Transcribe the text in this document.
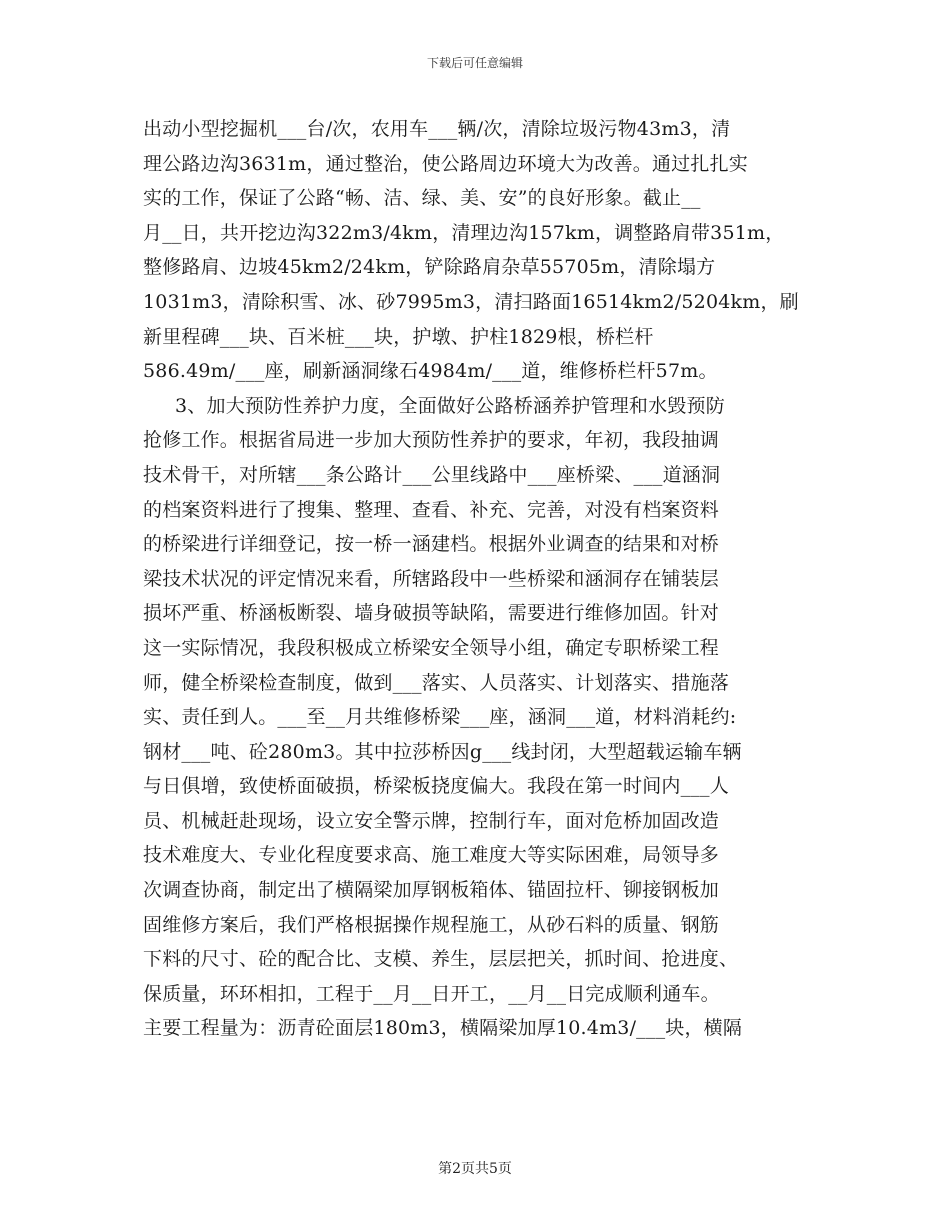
下载后可任意编辑
出动小型挖掘机___台/次，农用车___辆/次，清除垃圾污物43m3，清
理公路边沟3631m，通过整治，使公路周边环境大为改善。通过扎扎实
实的工作，保证了公路“畅、洁、绿、美、安”的良好形象。截止__
月__日，共开挖边沟322m3/4km，清理边沟157km，调整路肩带351m，
整修路肩、边坡45km2/24km，铲除路肩杂草55705m，清除塌方
1031m3，清除积雪、冰、砂7995m3，清扫路面16514km2/5204km，刷
新里程碑___块、百米桩___块，护墩、护柱1829根，桥栏杆
586.49m/___座，刷新涵洞缘石4984m/___道，维修桥栏杆57m。
3、加大预防性养护力度，全面做好公路桥涵养护管理和水毁预防
抢修工作。根据省局进一步加大预防性养护的要求，年初，我段抽调
技术骨干，对所辖___条公路计___公里线路中___座桥梁、___道涵洞
的档案资料进行了搜集、整理、查看、补充、完善，对没有档案资料
的桥梁进行详细登记，按一桥一涵建档。根据外业调查的结果和对桥
梁技术状况的评定情况来看，所辖路段中一些桥梁和涵洞存在铺装层
损坏严重、桥涵板断裂、墙身破损等缺陷，需要进行维修加固。针对
这一实际情况，我段积极成立桥梁安全领导小组，确定专职桥梁工程
师，健全桥梁检查制度，做到___落实、人员落实、计划落实、措施落
实、责任到人。___至__月共维修桥梁___座，涵洞___道，材料消耗约:
钢材___吨、砼280m3。其中拉莎桥因g___线封闭，大型超载运输车辆
与日俱增，致使桥面破损，桥梁板挠度偏大。我段在第一时间内___人
员、机械赶赴现场，设立安全警示牌，控制行车，面对危桥加固改造
技术难度大、专业化程度要求高、施工难度大等实际困难，局领导多
次调查协商，制定出了横隔梁加厚钢板箱体、锚固拉杆、铆接钢板加
固维修方案后，我们严格根据操作规程施工，从砂石料的质量、钢筋
下料的尺寸、砼的配合比、支模、养生，层层把关，抓时间、抢进度、
保质量，环环相扣，工程于__月__日开工，__月__日完成顺利通车。
主要工程量为：沥青砼面层180m3，横隔梁加厚10.4m3/___块，横隔
第2页共5页
